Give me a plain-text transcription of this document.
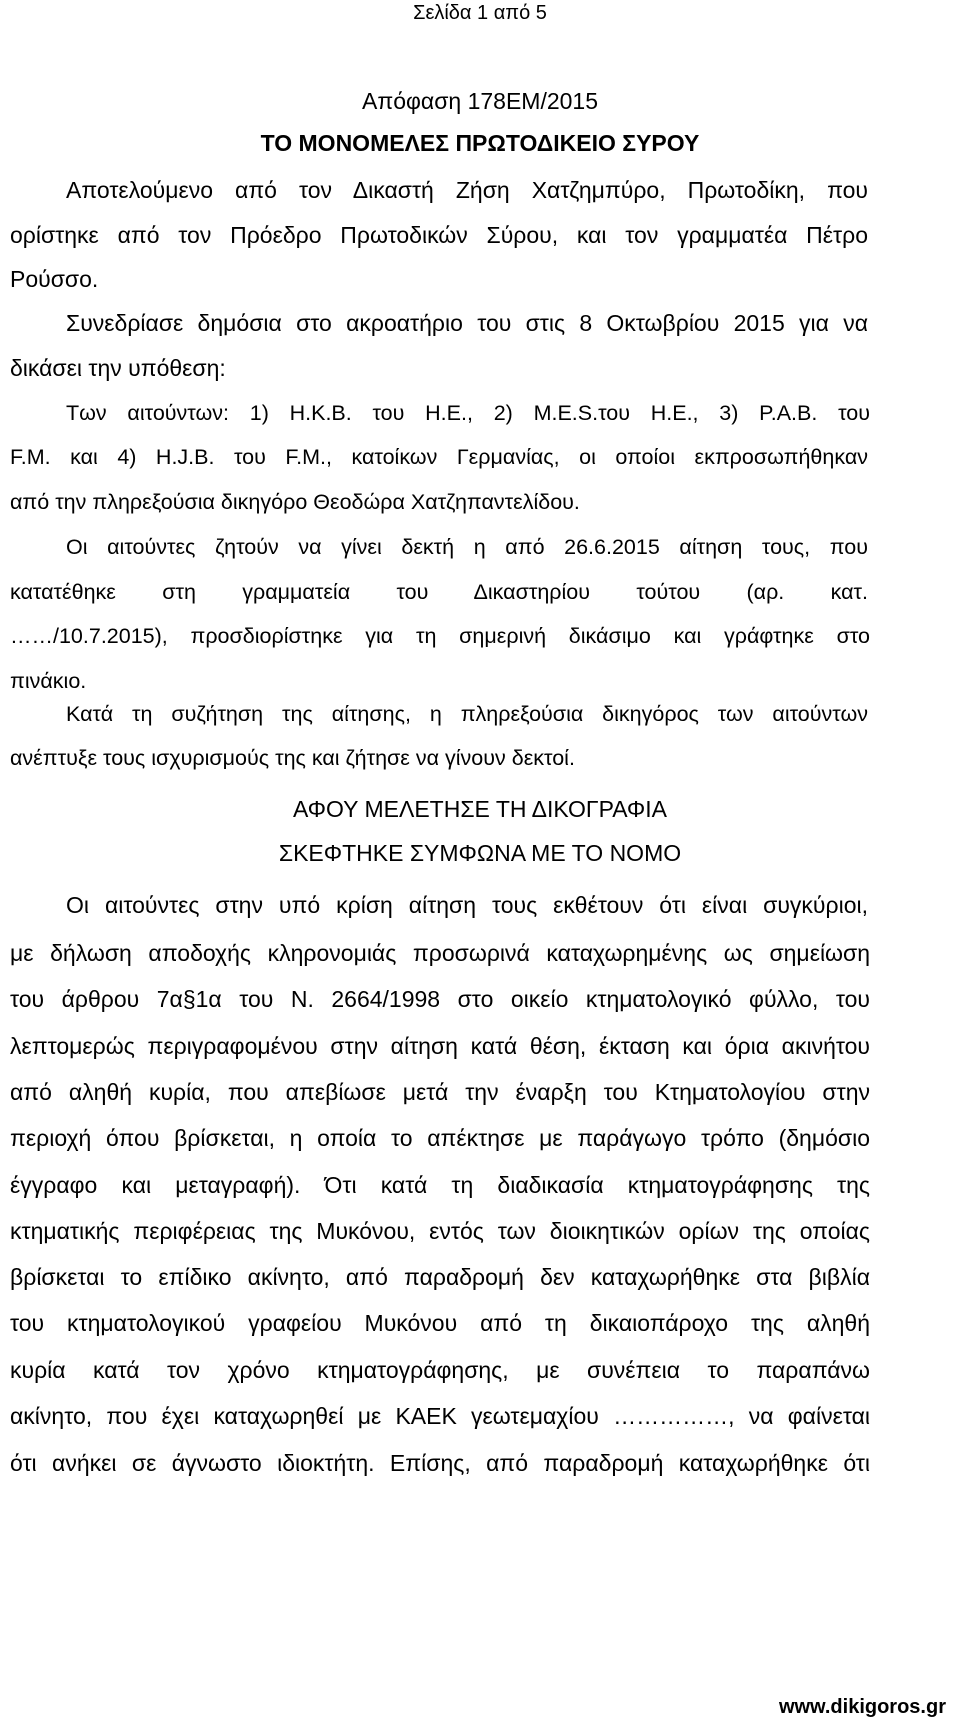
Σελίδα 1 από 5
Απόφαση 178ΕΜ/2015
ΤΟ ΜΟΝΟΜΕΛΕΣ ΠΡΩΤΟΔΙΚΕΙΟ ΣΥΡΟΥ
Αποτελούμενο από τον Δικαστή Ζήση Χατζημπύρο, Πρωτοδίκη, που
ορίστηκε από τον Πρόεδρο Πρωτοδικών Σύρου, και τον γραμματέα Πέτρο
Ρούσσο.
Συνεδρίασε δημόσια στο ακροατήριο του στις 8 Οκτωβρίου 2015 για να
δικάσει την υπόθεση:
Των αιτούντων: 1) H.K.B. του H.E., 2) M.E.S.του H.E., 3) P.A.B. του
F.M. και 4) H.J.B. του F.M., κατοίκων Γερμανίας, οι οποίοι εκπροσωπήθηκαν
από την πληρεξούσια δικηγόρο Θεοδώρα Χατζηπαντελίδου.
Οι αιτούντες ζητούν να γίνει δεκτή η από 26.6.2015 αίτηση τους, που
κατατέθηκε στη γραμματεία του Δικαστηρίου τούτου (αρ. κατ.
……/10.7.2015), προσδιορίστηκε για τη σημερινή δικάσιμο και γράφτηκε στο
πινάκιο.
Κατά τη συζήτηση της αίτησης, η πληρεξούσια δικηγόρος των αιτούντων
ανέπτυξε τους ισχυρισμούς της και ζήτησε να γίνουν δεκτοί.
ΑΦΟΥ ΜΕΛΕΤΗΣΕ ΤΗ ΔΙΚΟΓΡΑΦΙΑ
ΣΚΕΦΤΗΚΕ ΣΥΜΦΩΝΑ ΜΕ ΤΟ ΝΟΜΟ
Οι αιτούντες στην υπό κρίση αίτηση τους εκθέτουν ότι είναι συγκύριοι,
με δήλωση αποδοχής κληρονομιάς προσωρινά καταχωρημένης ως σημείωση
του άρθρου 7α§1α του Ν. 2664/1998 στο οικείο κτηματολογικό φύλλο, του
λεπτομερώς περιγραφομένου στην αίτηση κατά θέση, έκταση και όρια ακινήτου
από αληθή κυρία, που απεβίωσε μετά την έναρξη του Κτηματολογίου στην
περιοχή όπου βρίσκεται, η οποία το απέκτησε με παράγωγο τρόπο (δημόσιο
έγγραφο και μεταγραφή). Ότι κατά τη διαδικασία κτηματογράφησης της
κτηματικής περιφέρειας της Μυκόνου, εντός των διοικητικών ορίων της οποίας
βρίσκεται το επίδικο ακίνητο, από παραδρομή δεν καταχωρήθηκε στα βιβλία
του κτηματολογικού γραφείου Μυκόνου από τη δικαιοπάροχο της αληθή
κυρία κατά τον χρόνο κτηματογράφησης, με συνέπεια το παραπάνω
ακίνητο, που έχει καταχωρηθεί με ΚΑΕΚ γεωτεμαχίου ……………, να φαίνεται
ότι ανήκει σε άγνωστο ιδιοκτήτη. Επίσης, από παραδρομή καταχωρήθηκε ότι
www.dikigoros.gr
